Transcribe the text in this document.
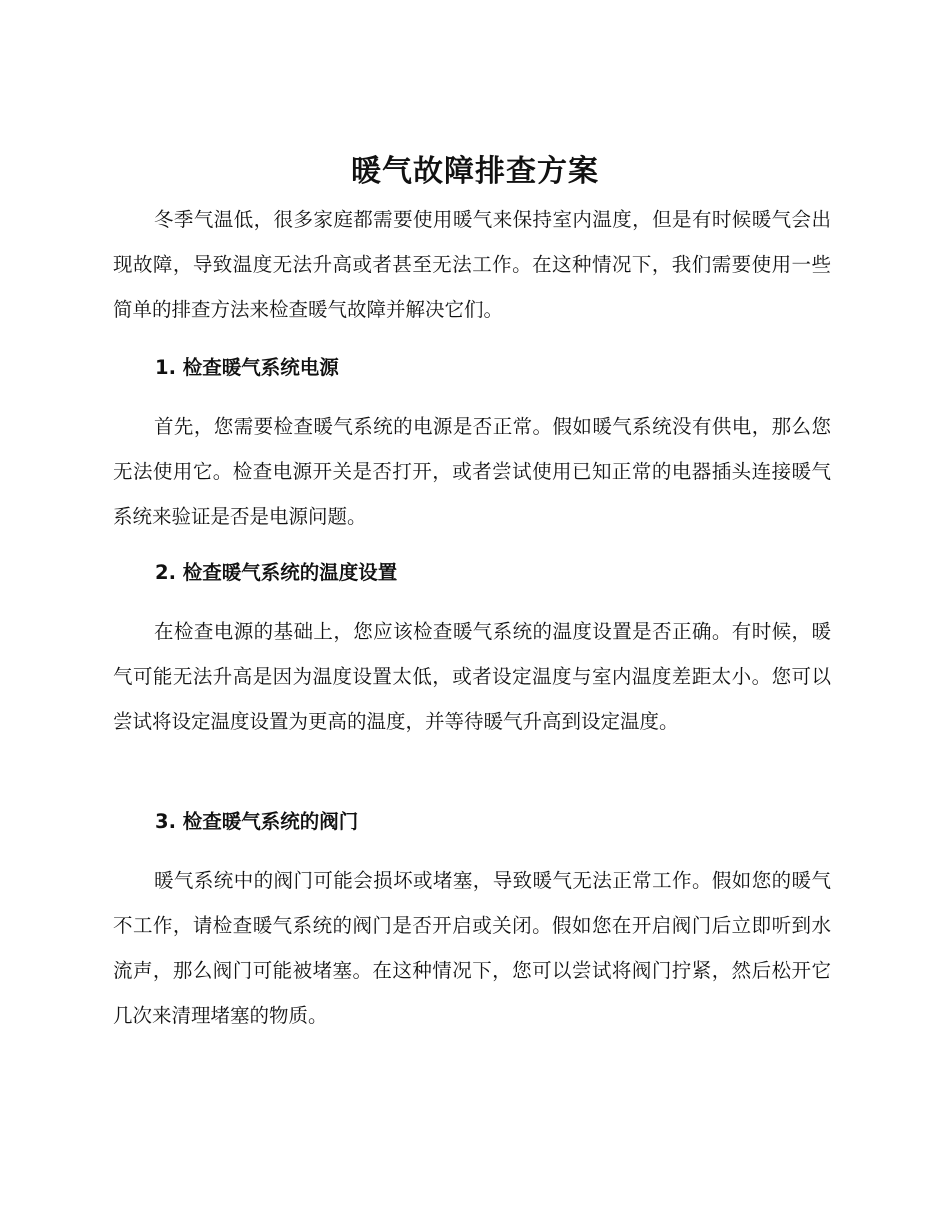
暖气故障排查方案

冬季气温低，很多家庭都需要使用暖气来保持室内温度，但是有时候暖气会出现故障，导致温度无法升高或者甚至无法工作。在这种情况下，我们需要使用一些简单的排查方法来检查暖气故障并解决它们。

1. 检查暖气系统电源

首先，您需要检查暖气系统的电源是否正常。假如暖气系统没有供电，那么您无法使用它。检查电源开关是否打开，或者尝试使用已知正常的电器插头连接暖气系统来验证是否是电源问题。

2. 检查暖气系统的温度设置

在检查电源的基础上，您应该检查暖气系统的温度设置是否正确。有时候，暖气可能无法升高是因为温度设置太低，或者设定温度与室内温度差距太小。您可以尝试将设定温度设置为更高的温度，并等待暖气升高到设定温度。

3. 检查暖气系统的阀门

暖气系统中的阀门可能会损坏或堵塞，导致暖气无法正常工作。假如您的暖气不工作，请检查暖气系统的阀门是否开启或关闭。假如您在开启阀门后立即听到水流声，那么阀门可能被堵塞。在这种情况下，您可以尝试将阀门拧紧，然后松开它几次来清理堵塞的物质。
